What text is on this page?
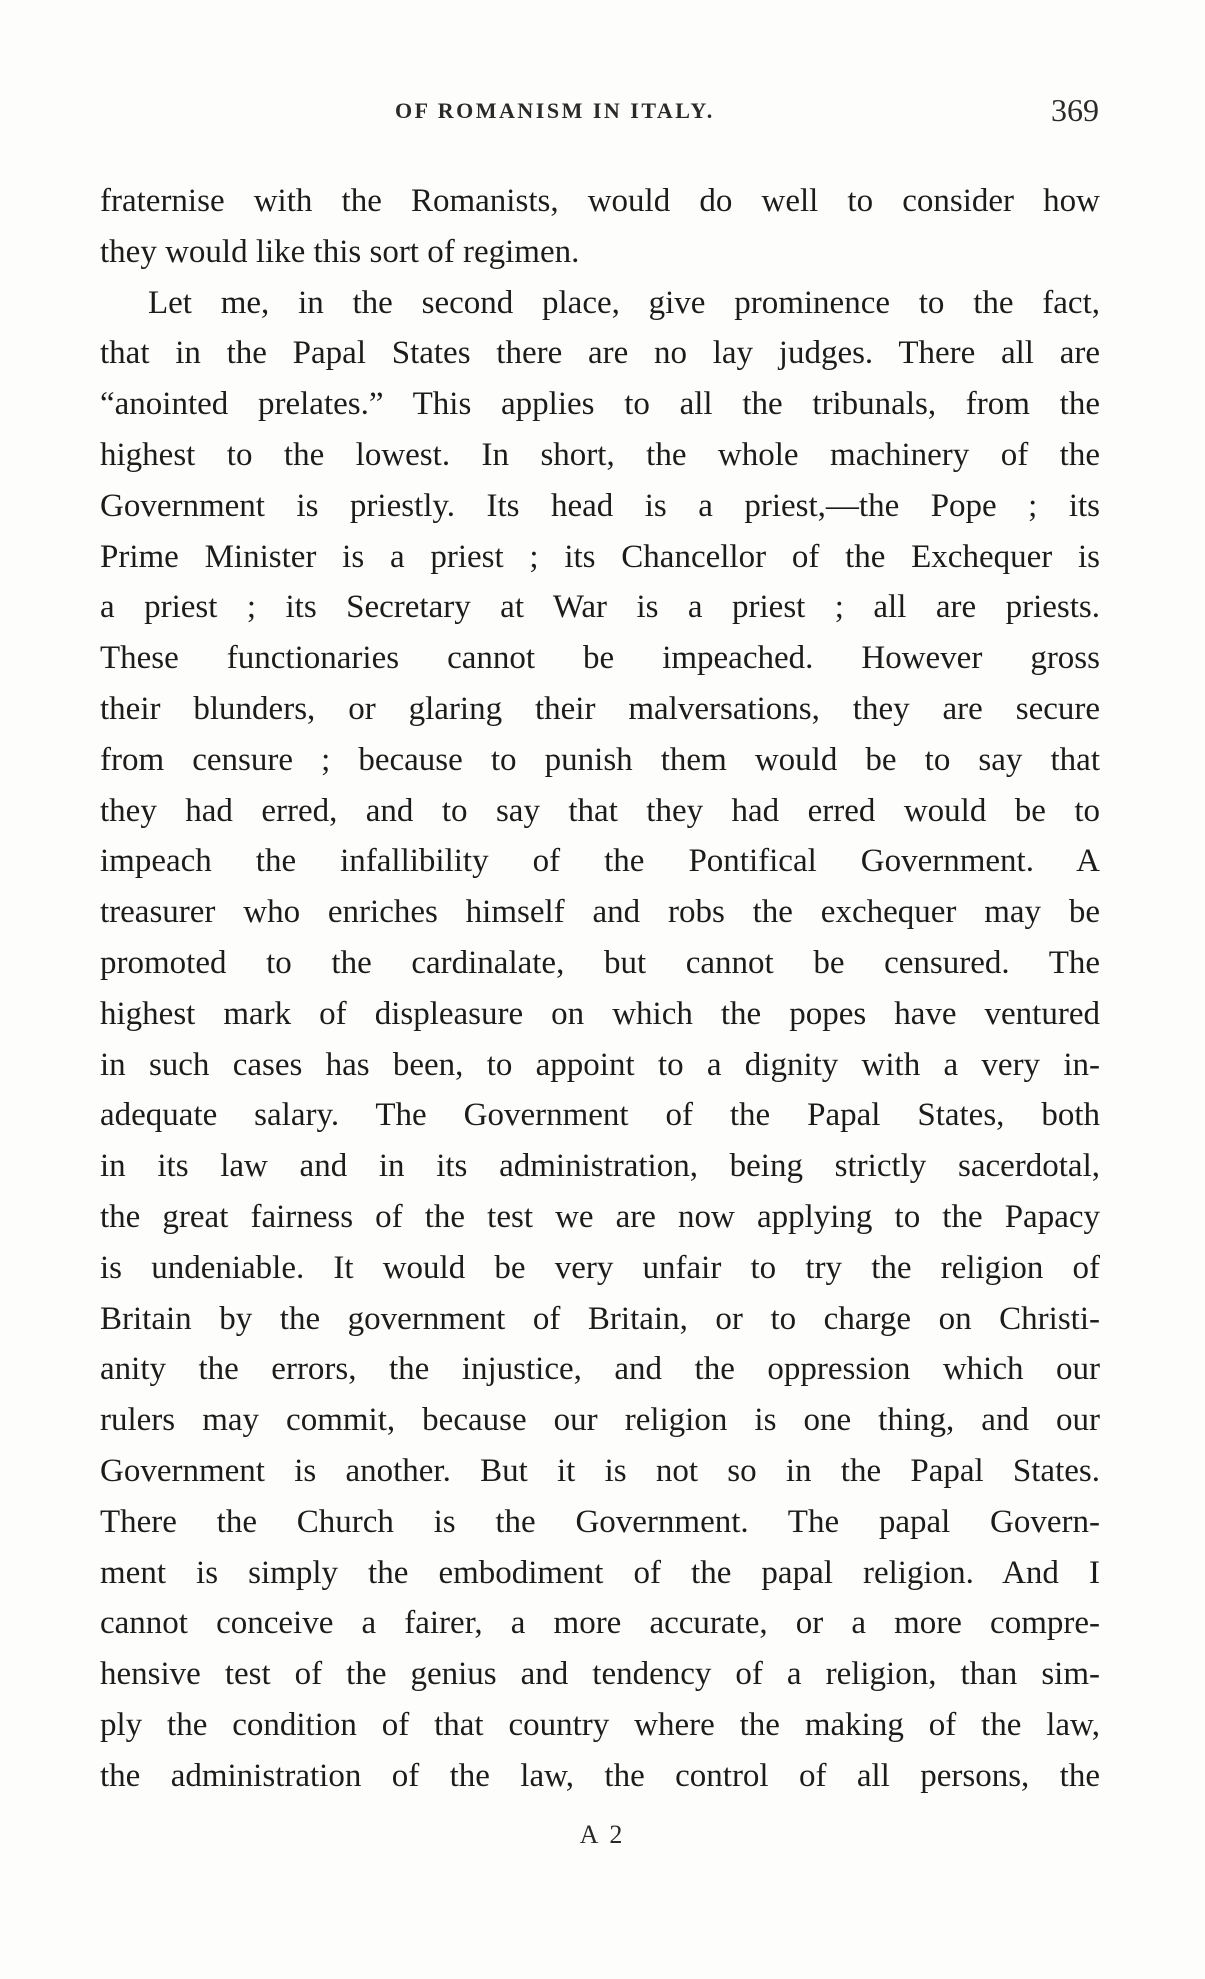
OF ROMANISM IN ITALY.	369
fraternise with the Romanists, would do well to consider how
they would like this sort of regimen.
Let me, in the second place, give prominence to the fact,
that in the Papal States there are no lay judges. There all are
“anointed prelates.” This applies to all the tribunals, from the
highest to the lowest. In short, the whole machinery of the
Government is priestly. Its head is a priest,—the Pope ; its
Prime Minister is a priest ; its Chancellor of the Exchequer is
a priest ; its Secretary at War is a priest ; all are priests.
These functionaries cannot be impeached. However gross
their blunders, or glaring their malversations, they are secure
from censure ; because to punish them would be to say that
they had erred, and to say that they had erred would be to
impeach the infallibility of the Pontifical Government. A
treasurer who enriches himself and robs the exchequer may be
promoted to the cardinalate, but cannot be censured. The
highest mark of displeasure on which the popes have ventured
in such cases has been, to appoint to a dignity with a very in-
adequate salary. The Government of the Papal States, both
in its law and in its administration, being strictly sacerdotal,
the great fairness of the test we are now applying to the Papacy
is undeniable. It would be very unfair to try the religion of
Britain by the government of Britain, or to charge on Christi-
anity the errors, the injustice, and the oppression which our
rulers may commit, because our religion is one thing, and our
Government is another. But it is not so in the Papal States.
There the Church is the Government. The papal Govern-
ment is simply the embodiment of the papal religion. And I
cannot conceive a fairer, a more accurate, or a more compre-
hensive test of the genius and tendency of a religion, than sim-
ply the condition of that country where the making of the law,
the administration of the law, the control of all persons, the
A 2
